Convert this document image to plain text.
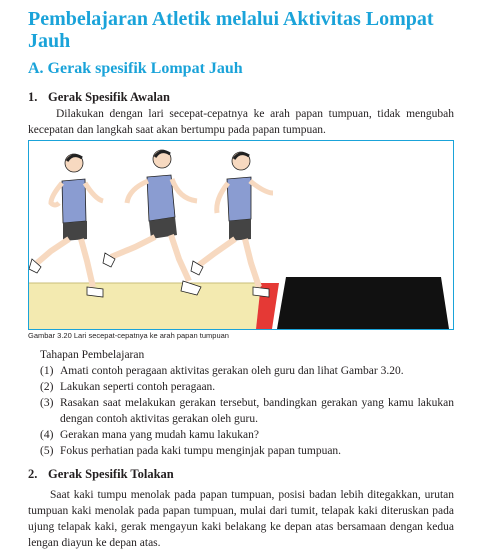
Pembelajaran Atletik melalui Aktivitas Lompat Jauh
A. Gerak spesifik Lompat Jauh
1. Gerak Spesifik Awalan

Dilakukan dengan lari secepat-cepatnya ke arah papan tumpuan, tidak mengubah kecepatan dan langkah saat akan bertumpu pada papan tumpuan.

Gambar 3.20 Lari secepat-cepatnya ke arah papan tumpuan

Tahapan Pembelajaran
(1) Amati contoh peragaan aktivitas gerakan oleh guru dan lihat Gambar 3.20.
(2) Lakukan seperti contoh peragaan.
(3) Rasakan saat melakukan gerakan tersebut, bandingkan gerakan yang kamu lakukan dengan contoh aktivitas gerakan oleh guru.
(4) Gerakan mana yang mudah kamu lakukan?
(5) Fokus perhatian pada kaki tumpu menginjak papan tumpuan.
2. Gerak Spesifik Tolakan

Saat kaki tumpu menolak pada papan tumpuan, posisi badan lebih ditegakkan, urutan tumpuan kaki menolak pada papan tumpuan, mulai dari tumit, telapak kaki diteruskan pada ujung telapak kaki, gerak mengayun kaki belakang ke depan atas bersamaan dengan kedua lengan diayun ke depan atas.
